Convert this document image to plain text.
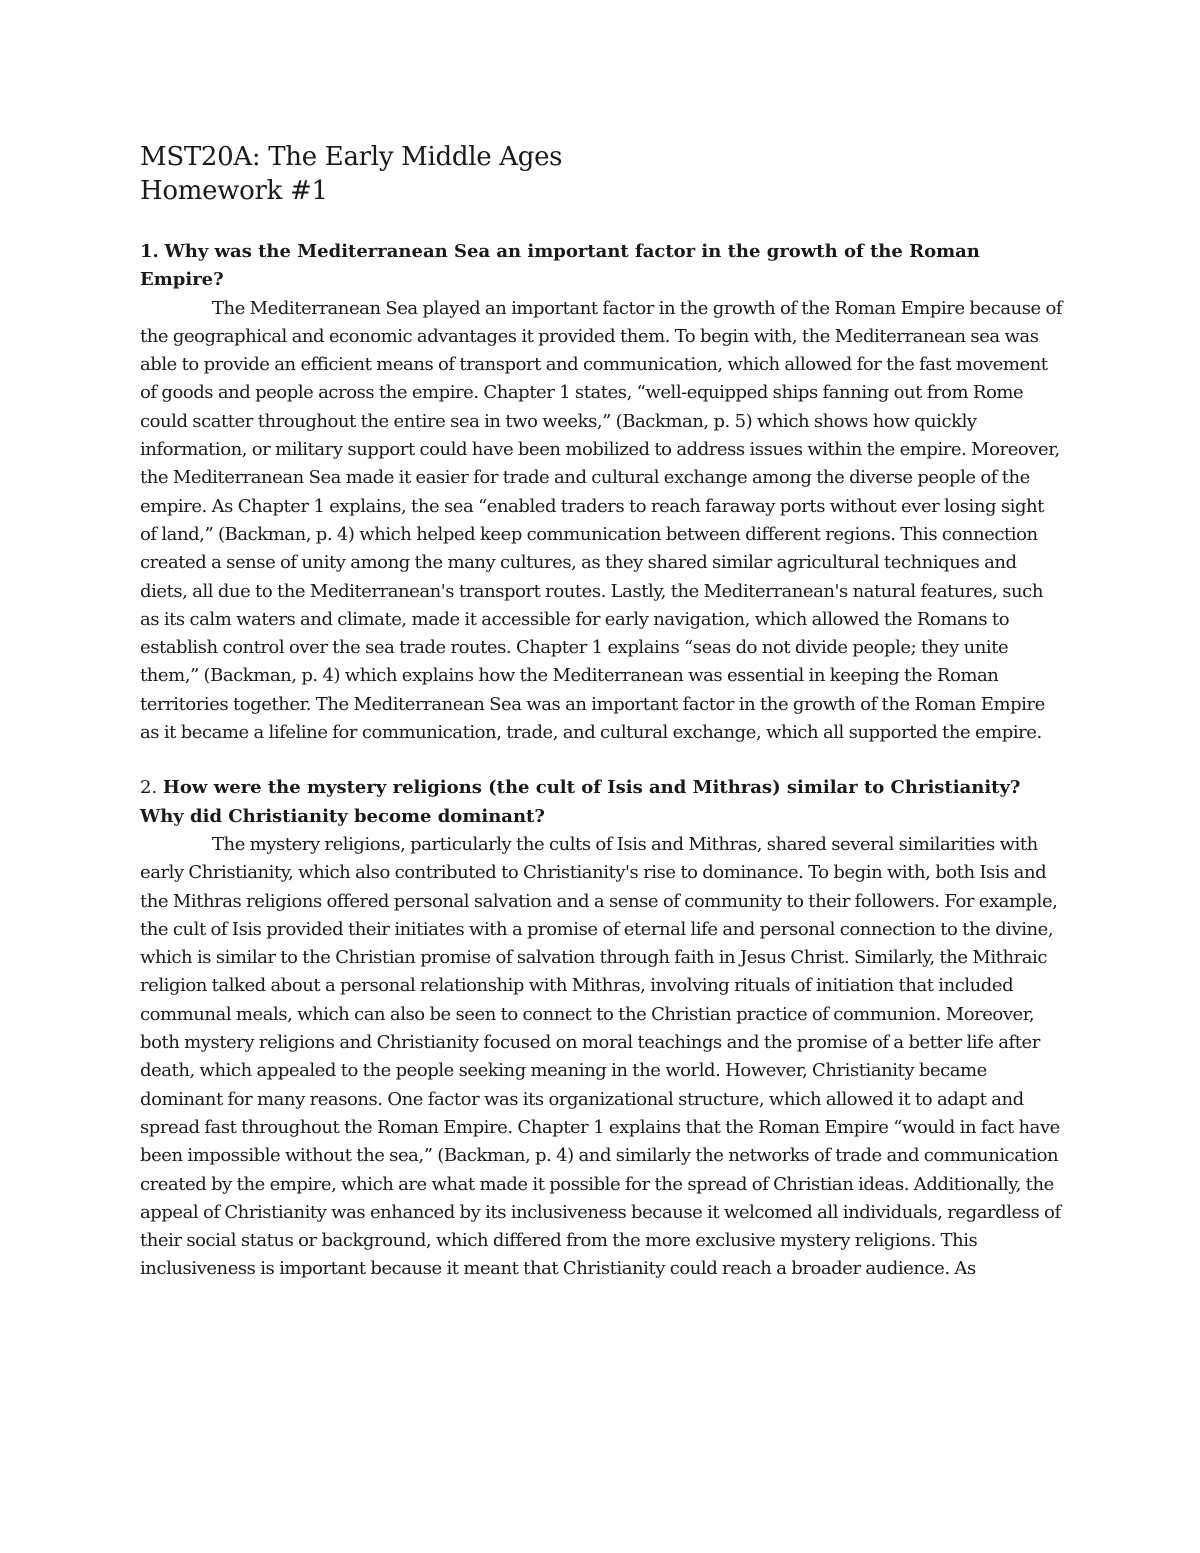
MST20A: The Early Middle Ages
Homework #1

1. Why was the Mediterranean Sea an important factor in the growth of the Roman Empire?

The Mediterranean Sea played an important factor in the growth of the Roman Empire because of the geographical and economic advantages it provided them. To begin with, the Mediterranean sea was able to provide an efficient means of transport and communication, which allowed for the fast movement of goods and people across the empire. Chapter 1 states, “well-equipped ships fanning out from Rome could scatter throughout the entire sea in two weeks,” (Backman, p. 5) which shows how quickly information, or military support could have been mobilized to address issues within the empire. Moreover, the Mediterranean Sea made it easier for trade and cultural exchange among the diverse people of the empire. As Chapter 1 explains, the sea “enabled traders to reach faraway ports without ever losing sight of land,” (Backman, p. 4) which helped keep communication between different regions. This connection created a sense of unity among the many cultures, as they shared similar agricultural techniques and diets, all due to the Mediterranean's transport routes. Lastly, the Mediterranean's natural features, such as its calm waters and climate, made it accessible for early navigation, which allowed the Romans to establish control over the sea trade routes. Chapter 1 explains “seas do not divide people; they unite them,” (Backman, p. 4) which explains how the Mediterranean was essential in keeping the Roman territories together. The Mediterranean Sea was an important factor in the growth of the Roman Empire as it became a lifeline for communication, trade, and cultural exchange, which all supported the empire.

2. How were the mystery religions (the cult of Isis and Mithras) similar to Christianity? Why did Christianity become dominant?

The mystery religions, particularly the cults of Isis and Mithras, shared several similarities with early Christianity, which also contributed to Christianity's rise to dominance. To begin with, both Isis and the Mithras religions offered personal salvation and a sense of community to their followers. For example, the cult of Isis provided their initiates with a promise of eternal life and personal connection to the divine, which is similar to the Christian promise of salvation through faith in Jesus Christ. Similarly, the Mithraic religion talked about a personal relationship with Mithras, involving rituals of initiation that included communal meals, which can also be seen to connect to the Christian practice of communion. Moreover, both mystery religions and Christianity focused on moral teachings and the promise of a better life after death, which appealed to the people seeking meaning in the world. However, Christianity became dominant for many reasons. One factor was its organizational structure, which allowed it to adapt and spread fast throughout the Roman Empire. Chapter 1 explains that the Roman Empire “would in fact have been impossible without the sea,” (Backman, p. 4) and similarly the networks of trade and communication created by the empire, which are what made it possible for the spread of Christian ideas. Additionally, the appeal of Christianity was enhanced by its inclusiveness because it welcomed all individuals, regardless of their social status or background, which differed from the more exclusive mystery religions. This inclusiveness is important because it meant that Christianity could reach a broader audience. As
